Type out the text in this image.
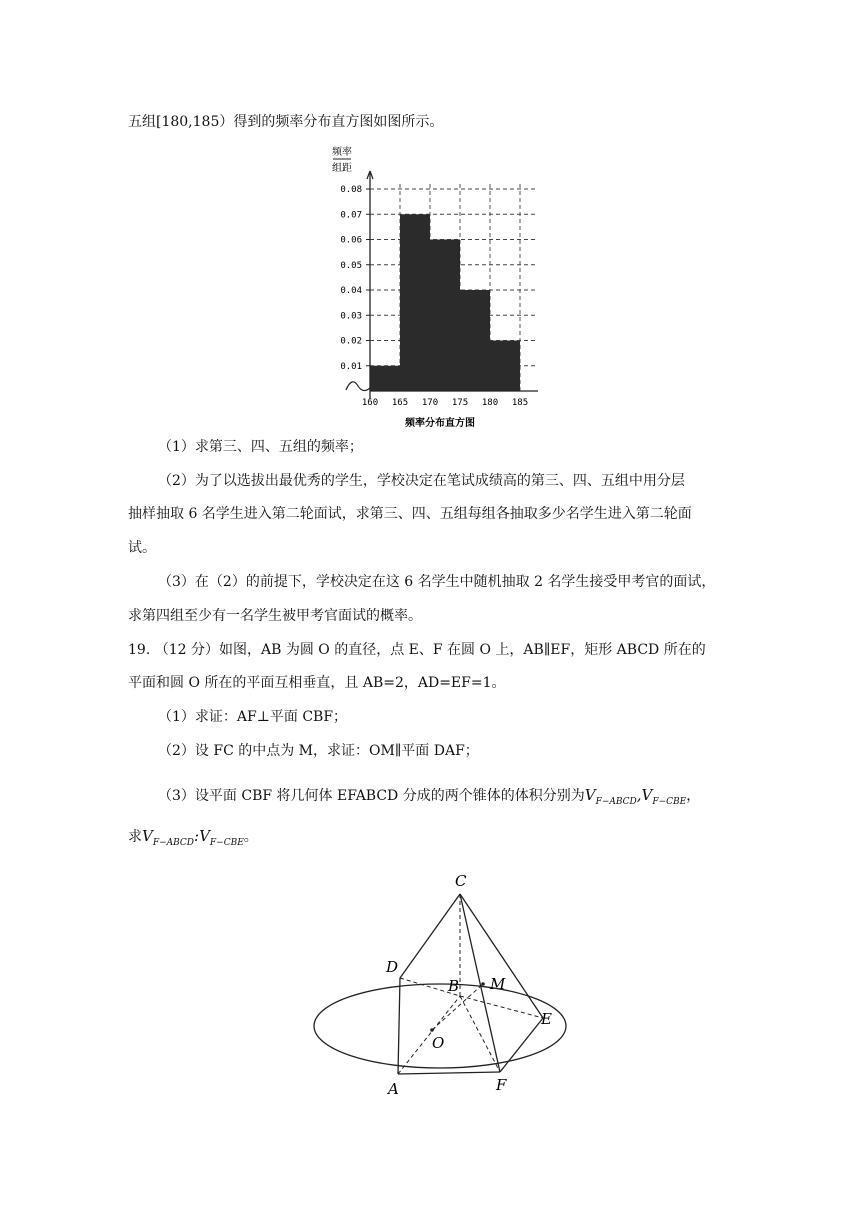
五组[180,185）得到的频率分布直方图如图所示。
0.01
0.02
0.03
0.04
0.05
0.06
0.07
0.08
160 165 170 175 180 185
频率
组距
频率分布直方图
（1）求第三、四、五组的频率；
（2）为了以选拔出最优秀的学生，学校决定在笔试成绩高的第三、四、五组中用分层
抽样抽取 6 名学生进入第二轮面试，求第三、四、五组每组各抽取多少名学生进入第二轮面
试。
（3）在（2）的前提下，学校决定在这 6 名学生中随机抽取 2 名学生接受甲考官的面试，
求第四组至少有一名学生被甲考官面试的概率。
19. （12 分）如图，AB 为圆 O 的直径，点 E、F 在圆 O 上，AB∥EF，矩形 ABCD 所在的
平面和圆 O 所在的平面互相垂直，且 AB=2，AD=EF=1。
（1）求证：AF⊥平面 CBF；
（2）设 FC 的中点为 M，求证：OM∥平面 DAF；
（3）设平面 CBF 将几何体 EFABCD 分成的两个锥体的体积分别为$V_{F-ABCD},V_{F-CBE}$，
求$V_{F-ABCD}:V_{F-CBE}$。
C
D
B M
E
O
A	F
